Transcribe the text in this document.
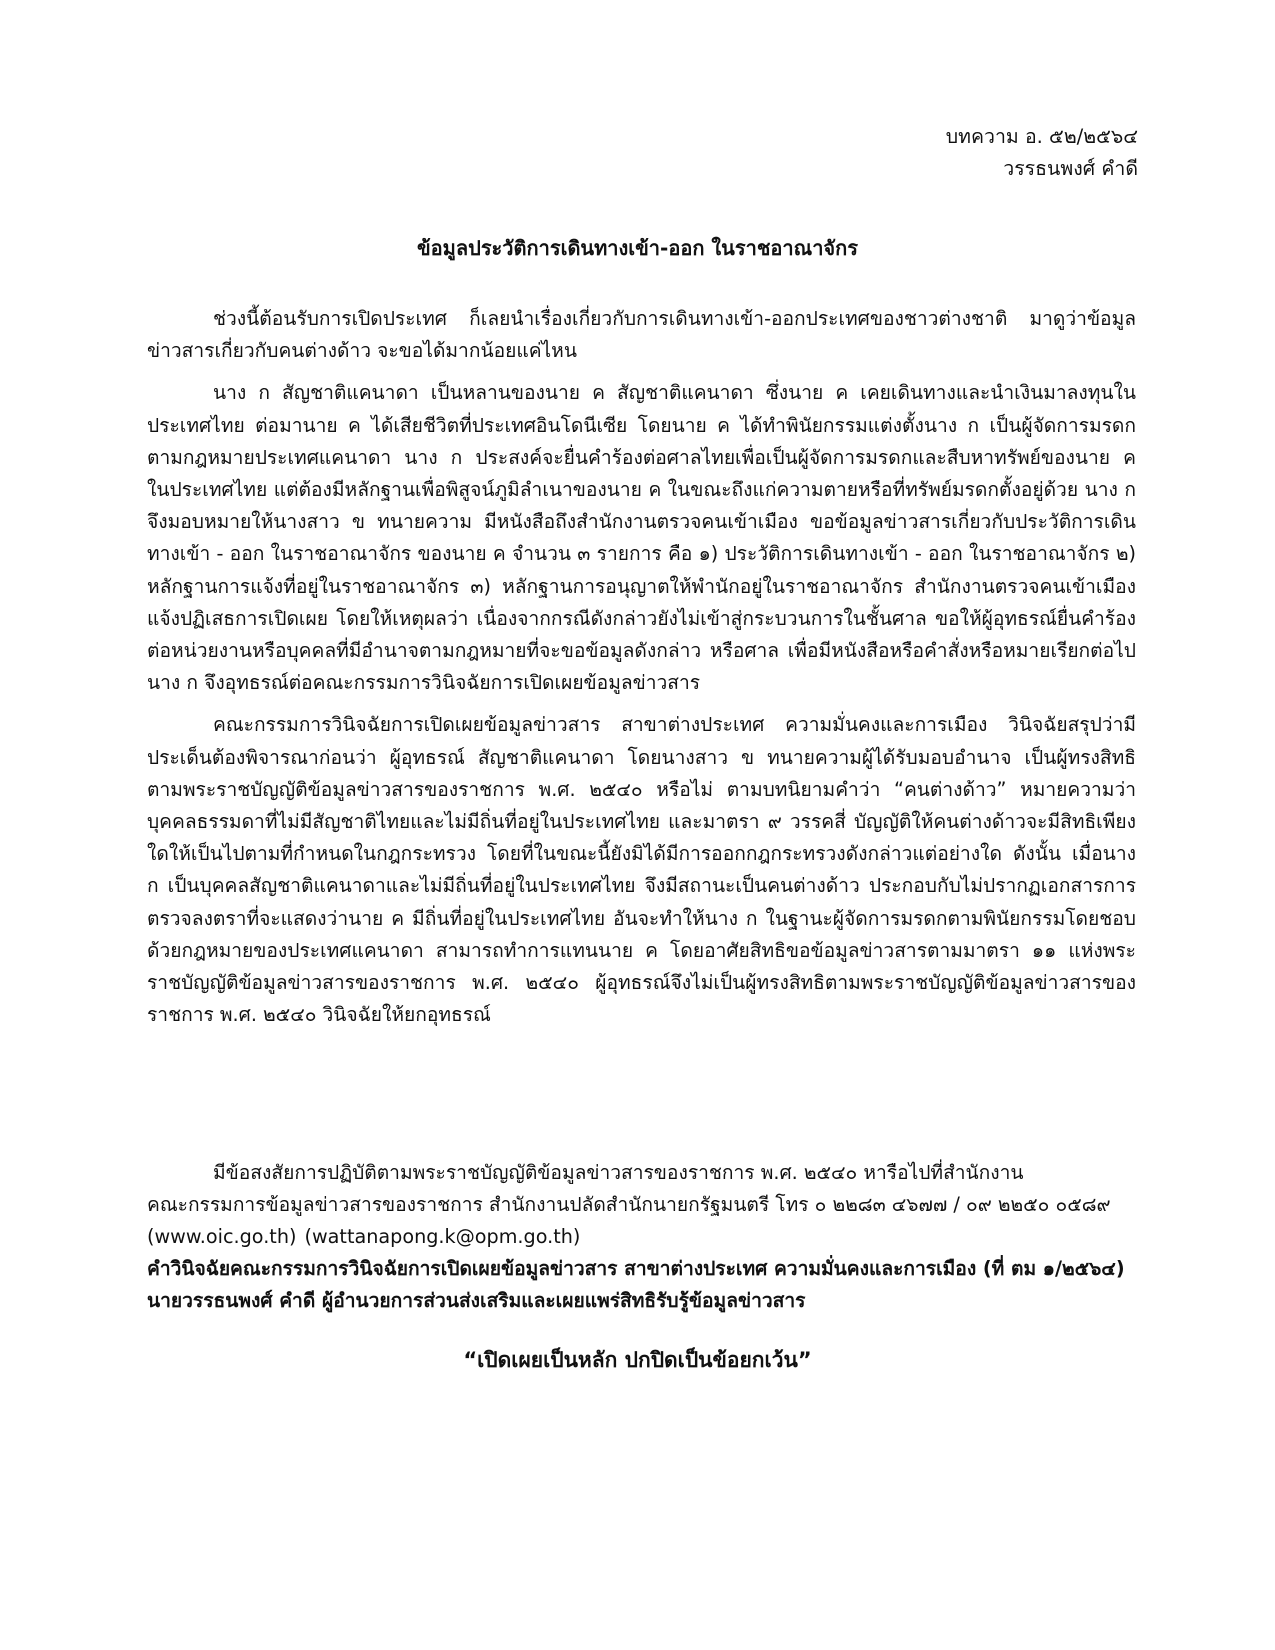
บทความ อ. ๕๒/๒๕๖๔
วรรธนพงศ์ คำดี
ข้อมูลประวัติการเดินทางเข้า-ออก ในราชอาณาจักร

ช่วงนี้ต้อนรับการเปิดประเทศ ก็เลยนำเรื่องเกี่ยวกับการเดินทางเข้า-ออกประเทศของชาวต่างชาติ มาดูว่าข้อมูลข่าวสารเกี่ยวกับคนต่างด้าว จะขอได้มากน้อยแค่ไหน

นาง ก สัญชาติแคนาดา เป็นหลานของนาย ค สัญชาติแคนาดา ซึ่งนาย ค เคยเดินทางและนำเงินมาลงทุนในประเทศไทย ต่อมานาย ค ได้เสียชีวิตที่ประเทศอินโดนีเซีย โดยนาย ค ได้ทำพินัยกรรมแต่งตั้งนาง ก เป็นผู้จัดการมรดกตามกฎหมายประเทศแคนาดา นาง ก ประสงค์จะยื่นคำร้องต่อศาลไทยเพื่อเป็นผู้จัดการมรดกและสืบหาทรัพย์ของนาย ค ในประเทศไทย แต่ต้องมีหลักฐานเพื่อพิสูจน์ภูมิลำเนาของนาย ค ในขณะถึงแก่ความตายหรือที่ทรัพย์มรดกตั้งอยู่ด้วย นาง ก จึงมอบหมายให้นางสาว ข ทนายความ มีหนังสือถึงสำนักงานตรวจคนเข้าเมือง ขอข้อมูลข่าวสารเกี่ยวกับประวัติการเดินทางเข้า - ออก ในราชอาณาจักร ของนาย ค จำนวน ๓ รายการ คือ ๑) ประวัติการเดินทางเข้า - ออก ในราชอาณาจักร ๒) หลักฐานการแจ้งที่อยู่ในราชอาณาจักร ๓) หลักฐานการอนุญาตให้พำนักอยู่ในราชอาณาจักร สำนักงานตรวจคนเข้าเมือง แจ้งปฏิเสธการเปิดเผย โดยให้เหตุผลว่า เนื่องจากกรณีดังกล่าวยังไม่เข้าสู่กระบวนการในชั้นศาล ขอให้ผู้อุทธรณ์ยื่นคำร้องต่อหน่วยงานหรือบุคคลที่มีอำนาจตามกฎหมายที่จะขอข้อมูลดังกล่าว หรือศาล เพื่อมีหนังสือหรือคำสั่งหรือหมายเรียกต่อไป นาง ก จึงอุทธรณ์ต่อคณะกรรมการวินิจฉัยการเปิดเผยข้อมูลข่าวสาร

คณะกรรมการวินิจฉัยการเปิดเผยข้อมูลข่าวสาร สาขาต่างประเทศ ความมั่นคงและการเมือง วินิจฉัยสรุปว่ามีประเด็นต้องพิจารณาก่อนว่า ผู้อุทธรณ์ สัญชาติแคนาดา โดยนางสาว ข ทนายความผู้ได้รับมอบอำนาจ เป็นผู้ทรงสิทธิตามพระราชบัญญัติข้อมูลข่าวสารของราชการ พ.ศ. ๒๕๔๐ หรือไม่ ตามบทนิยามคำว่า “คนต่างด้าว” หมายความว่า บุคคลธรรมดาที่ไม่มีสัญชาติไทยและไม่มีถิ่นที่อยู่ในประเทศไทย และมาตรา ๙ วรรคสี่ บัญญัติให้คนต่างด้าวจะมีสิทธิเพียงใดให้เป็นไปตามที่กำหนดในกฎกระทรวง โดยที่ในขณะนี้ยังมิได้มีการออกกฎกระทรวงดังกล่าวแต่อย่างใด ดังนั้น เมื่อนาง ก เป็นบุคคลสัญชาติแคนาดาและไม่มีถิ่นที่อยู่ในประเทศไทย จึงมีสถานะเป็นคนต่างด้าว ประกอบกับไม่ปรากฏเอกสารการตรวจลงตราที่จะแสดงว่านาย ค มีถิ่นที่อยู่ในประเทศไทย อันจะทำให้นาง ก ในฐานะผู้จัดการมรดกตามพินัยกรรมโดยชอบด้วยกฎหมายของประเทศแคนาดา สามารถทำการแทนนาย ค โดยอาศัยสิทธิขอข้อมูลข่าวสารตามมาตรา ๑๑ แห่งพระราชบัญญัติข้อมูลข่าวสารของราชการ พ.ศ. ๒๕๔๐ ผู้อุทธรณ์จึงไม่เป็นผู้ทรงสิทธิตามพระราชบัญญัติข้อมูลข่าวสารของราชการ พ.ศ. ๒๕๔๐ วินิจฉัยให้ยกอุทธรณ์

มีข้อสงสัยการปฏิบัติตามพระราชบัญญัติข้อมูลข่าวสารของราชการ พ.ศ. ๒๕๔๐ หารือไปที่สำนักงาน
คณะกรรมการข้อมูลข่าวสารของราชการ สำนักงานปลัดสำนักนายกรัฐมนตรี โทร ๐ ๒๒๘๓ ๔๖๗๗ / ๐๙ ๒๒๕๐ ๐๕๘๙
(www.oic.go.th) (wattanapong.k@opm.go.th)
คำวินิจฉัยคณะกรรมการวินิจฉัยการเปิดเผยข้อมูลข่าวสาร สาขาต่างประเทศ ความมั่นคงและการเมือง (ที่ ตม ๑/๒๕๖๔)
นายวรรธนพงศ์ คำดี ผู้อำนวยการส่วนส่งเสริมและเผยแพร่สิทธิรับรู้ข้อมูลข่าวสาร
“เปิดเผยเป็นหลัก ปกปิดเป็นข้อยกเว้น”
